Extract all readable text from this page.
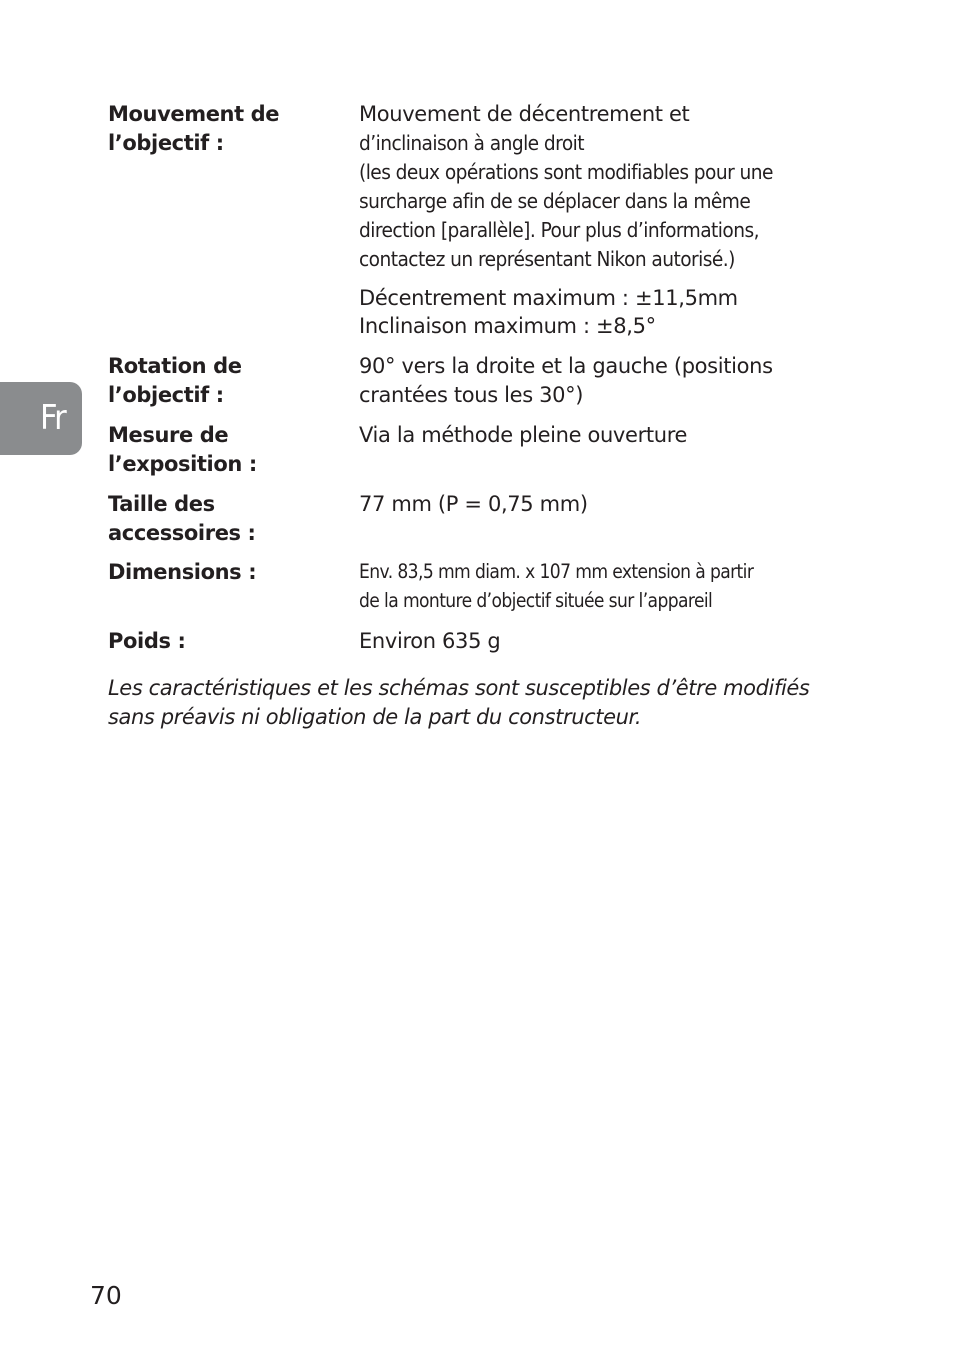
Fr
Mouvement de
l’objectif :
Mouvement de décentrement et
d’inclinaison à angle droit
(les deux opérations sont modifiables pour une
surcharge afin de se déplacer dans la même
direction [parallèle]. Pour plus d’informations,
contactez un représentant Nikon autorisé.)
Décentrement maximum : ±11,5mm
Inclinaison maximum : ±8,5°
Rotation de
l’objectif :
90° vers la droite et la gauche (positions
crantées tous les 30°)
Mesure de
l’exposition :
Via la méthode pleine ouverture
Taille des
accessoires :
77 mm (P = 0,75 mm)
Dimensions :	Env. 83,5 mm diam. x 107 mm extension à partir
de la monture d’objectif située sur l’appareil
Poids :	Environ 635 g
Les caractéristiques et les schémas sont susceptibles d’être modifiés
sans préavis ni obligation de la part du constructeur.
70
